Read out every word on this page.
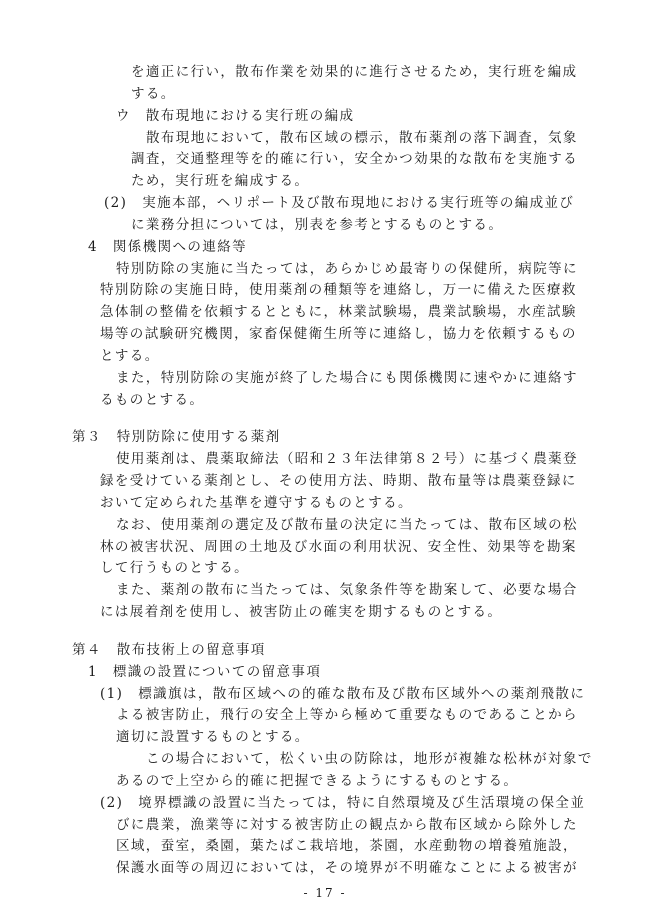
を適正に行い，散布作業を効果的に進行させるため，実行班を編成
する。
ウ　散布現地における実行班の編成
散布現地において，散布区域の標示，散布薬剤の落下調査，気象
調査，交通整理等を的確に行い，安全かつ効果的な散布を実施する
ため，実行班を編成する。
(2)　実施本部，ヘリポート及び散布現地における実行班等の編成並び
に業務分担については，別表を参考とするものとする。
4　関係機関への連絡等
特別防除の実施に当たっては，あらかじめ最寄りの保健所，病院等に
特別防除の実施日時，使用薬剤の種類等を連絡し，万一に備えた医療救
急体制の整備を依頼するとともに，林業試験場，農業試験場，水産試験
場等の試験研究機関，家畜保健衛生所等に連絡し，協力を依頼するもの
とする。
また，特別防除の実施が終了した場合にも関係機関に速やかに連絡す
るものとする。
第３　特別防除に使用する薬剤
使用薬剤は、農薬取締法（昭和２３年法律第８２号）に基づく農薬登
録を受けている薬剤とし、その使用方法、時期、散布量等は農薬登録に
おいて定められた基準を遵守するものとする。
なお、使用薬剤の選定及び散布量の決定に当たっては、散布区域の松
林の被害状況、周囲の土地及び水面の利用状況、安全性、効果等を勘案
して行うものとする。
また、薬剤の散布に当たっては、気象条件等を勘案して、必要な場合
には展着剤を使用し、被害防止の確実を期するものとする。
第４　散布技術上の留意事項
1　標識の設置についての留意事項
(1)　標識旗は，散布区域への的確な散布及び散布区域外への薬剤飛散に
よる被害防止，飛行の安全上等から極めて重要なものであることから
適切に設置するものとする。
この場合において，松くい虫の防除は，地形が複雑な松林が対象で
あるので上空から的確に把握できるようにするものとする。
(2)　境界標識の設置に当たっては，特に自然環境及び生活環境の保全並
びに農業，漁業等に対する被害防止の観点から散布区域から除外した
区域，蚕室，桑園，葉たばこ栽培地，茶園，水産動物の増養殖施設，
保護水面等の周辺においては，その境界が不明確なことによる被害が
- 17 -
